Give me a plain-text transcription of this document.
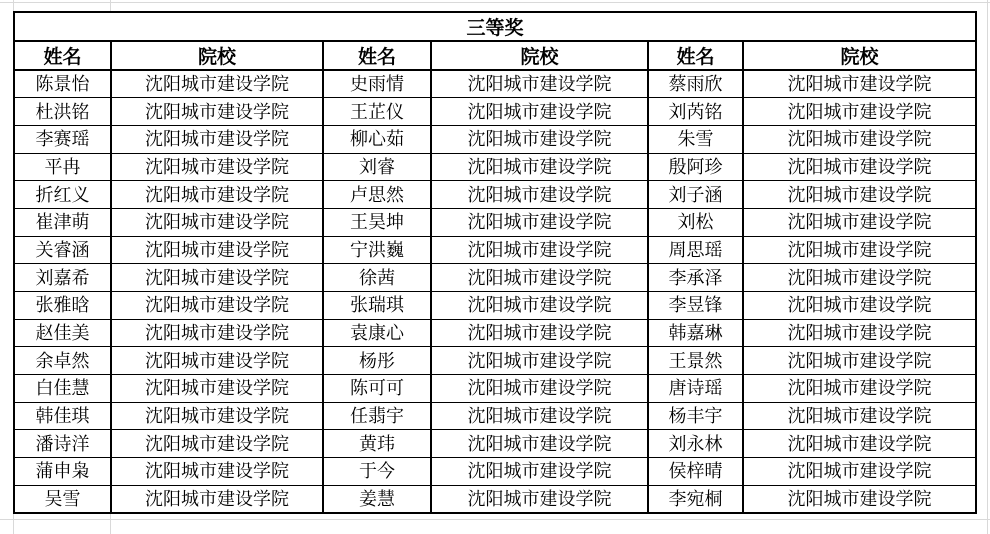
三等奖					
姓名	院校	姓名	院校	姓名	院校
陈景怡	沈阳城市建设学院	史雨情	沈阳城市建设学院	蔡雨欣	沈阳城市建设学院
杜洪铭	沈阳城市建设学院	王芷仪	沈阳城市建设学院	刘芮铭	沈阳城市建设学院
李赛瑶	沈阳城市建设学院	柳心茹	沈阳城市建设学院	朱雪	沈阳城市建设学院
平冉	沈阳城市建设学院	刘睿	沈阳城市建设学院	殷阿珍	沈阳城市建设学院
折红义	沈阳城市建设学院	卢思然	沈阳城市建设学院	刘子涵	沈阳城市建设学院
崔津萌	沈阳城市建设学院	王昊坤	沈阳城市建设学院	刘松	沈阳城市建设学院
关睿涵	沈阳城市建设学院	宁洪巍	沈阳城市建设学院	周思瑶	沈阳城市建设学院
刘嘉希	沈阳城市建设学院	徐茜	沈阳城市建设学院	李承泽	沈阳城市建设学院
张雅晗	沈阳城市建设学院	张瑞琪	沈阳城市建设学院	李昱锋	沈阳城市建设学院
赵佳美	沈阳城市建设学院	袁康心	沈阳城市建设学院	韩嘉琳	沈阳城市建设学院
余卓然	沈阳城市建设学院	杨彤	沈阳城市建设学院	王景然	沈阳城市建设学院
白佳慧	沈阳城市建设学院	陈可可	沈阳城市建设学院	唐诗瑶	沈阳城市建设学院
韩佳琪	沈阳城市建设学院	任翡宇	沈阳城市建设学院	杨丰宇	沈阳城市建设学院
潘诗洋	沈阳城市建设学院	黄玮	沈阳城市建设学院	刘永林	沈阳城市建设学院
蒲申枭	沈阳城市建设学院	于今	沈阳城市建设学院	侯梓晴	沈阳城市建设学院
吴雪	沈阳城市建设学院	姜慧	沈阳城市建设学院	李宛桐	沈阳城市建设学院
